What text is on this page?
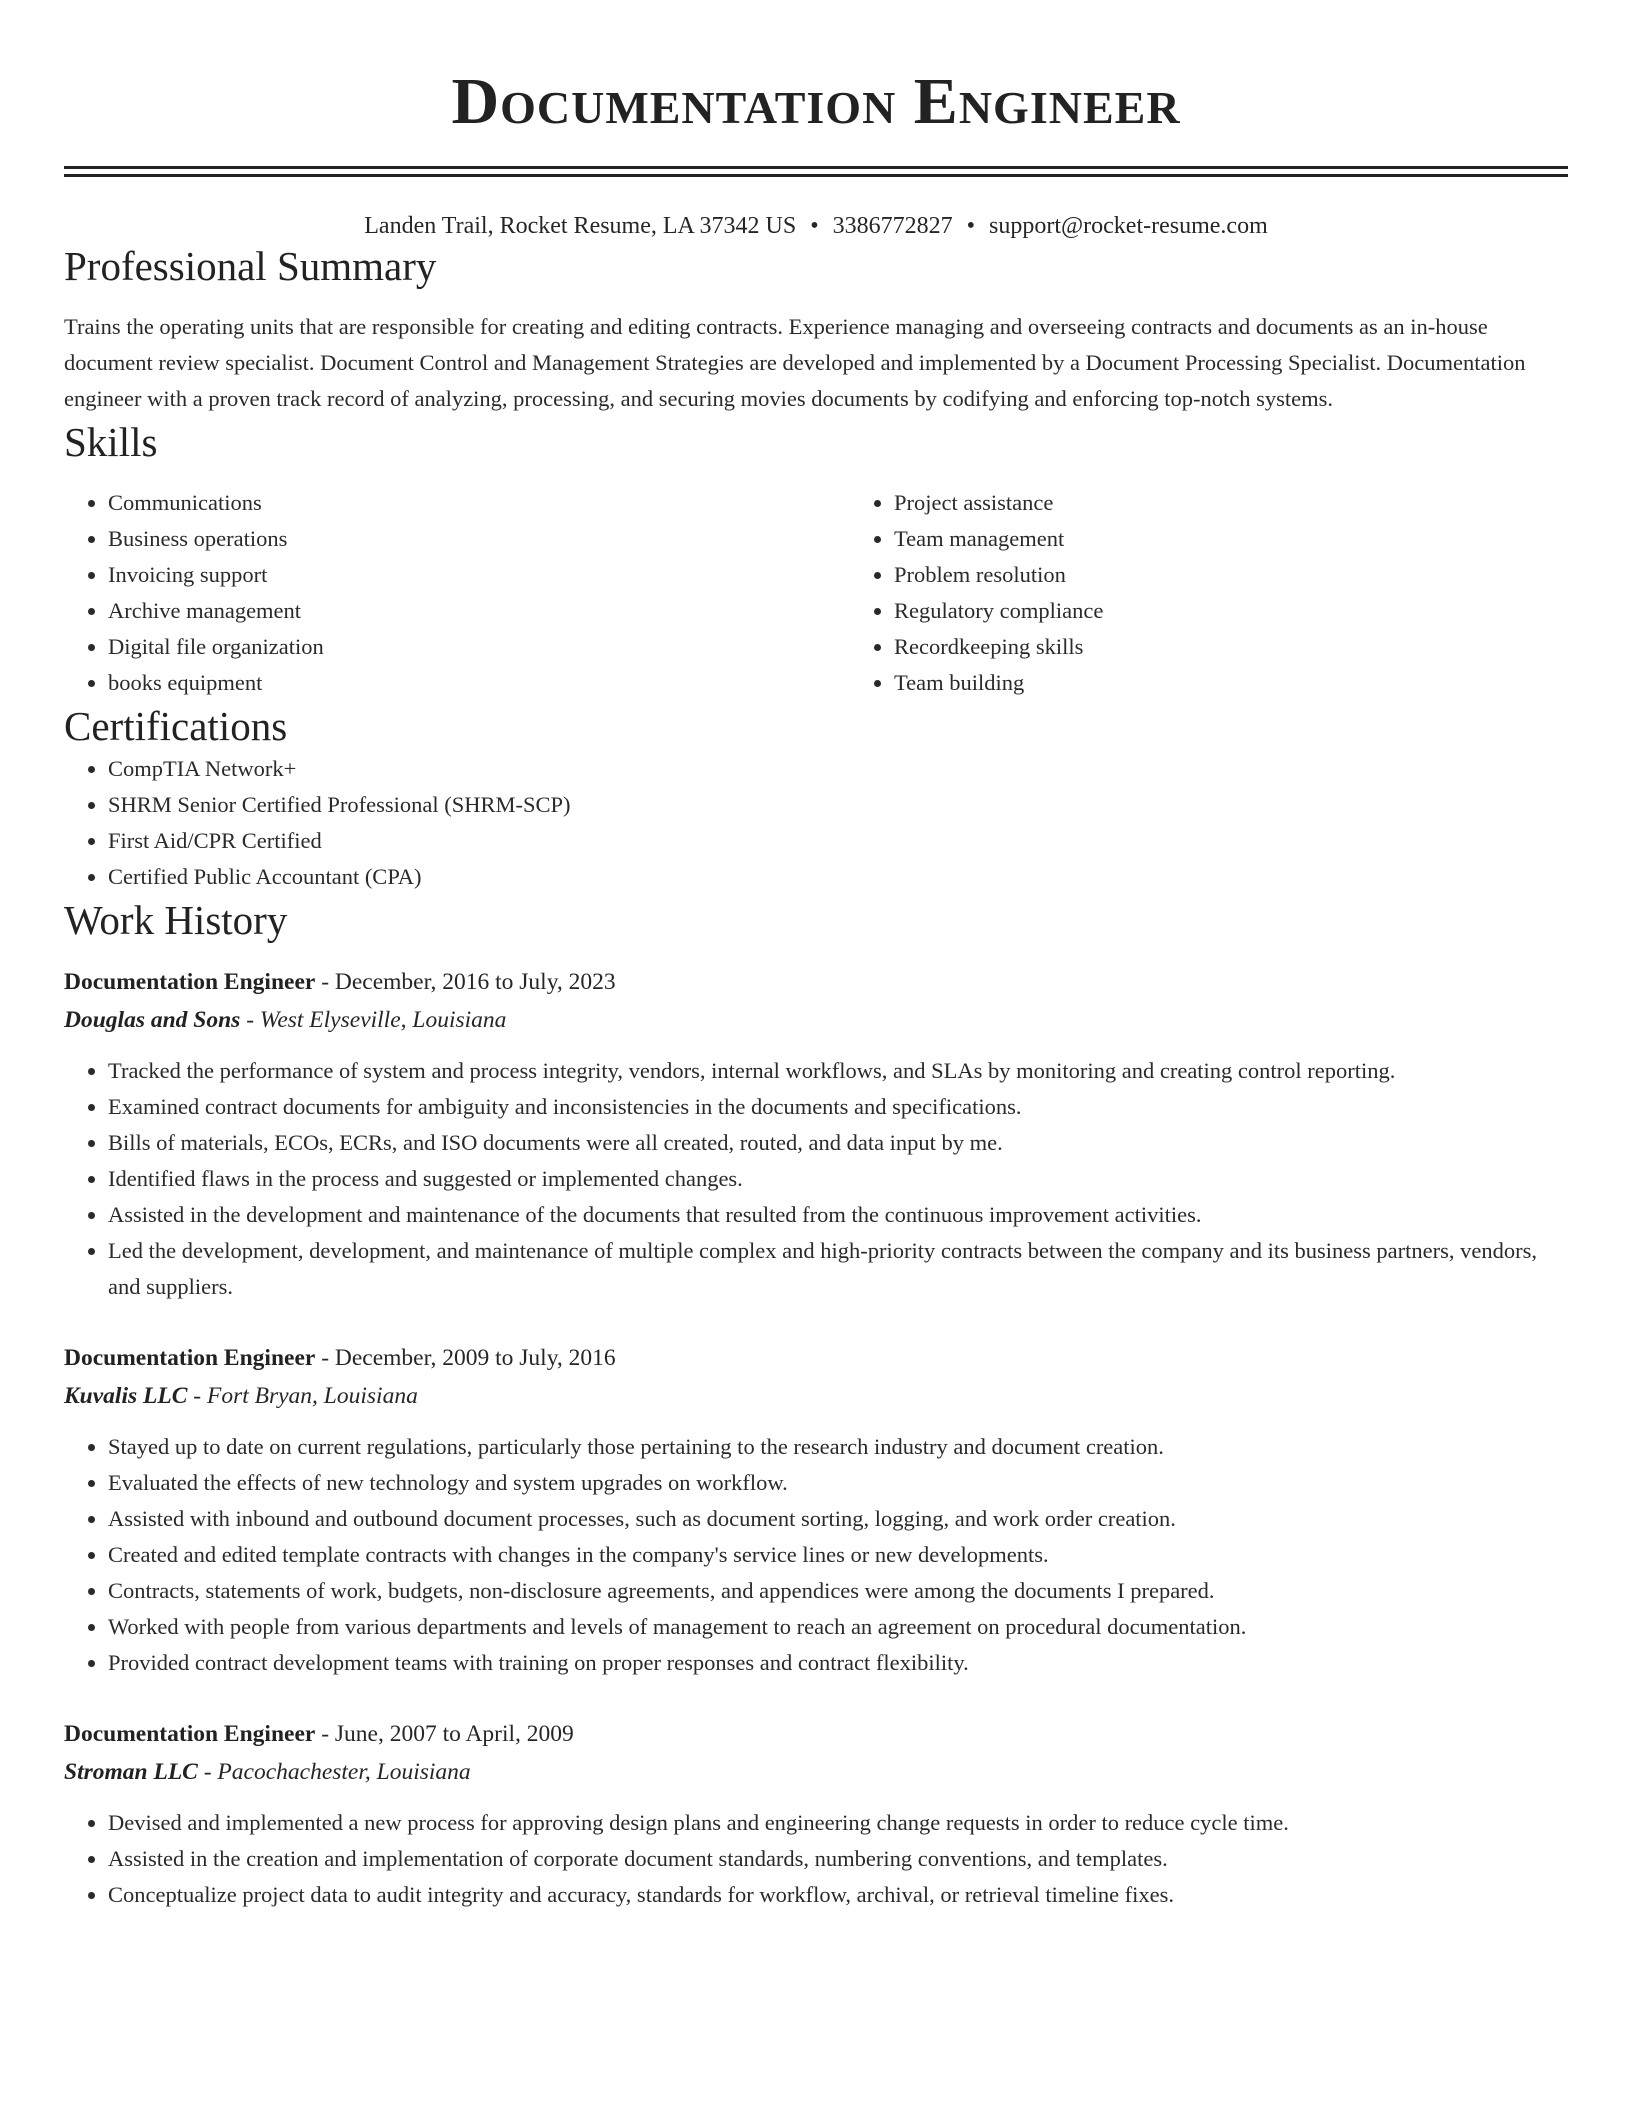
Documentation Engineer
Landen Trail, Rocket Resume, LA 37342 US • 3386772827 • support@rocket-resume.com
Professional Summary

Trains the operating units that are responsible for creating and editing contracts. Experience managing and overseeing contracts and documents as an in-house document review specialist. Document Control and Management Strategies are developed and implemented by a Document Processing Specialist. Documentation engineer with a proven track record of analyzing, processing, and securing movies documents by codifying and enforcing top-notch systems.

Skills
• Communications
• Business operations
• Invoicing support
• Archive management
• Digital file organization
• books equipment
• Project assistance
• Team management
• Problem resolution
• Regulatory compliance
• Recordkeeping skills
• Team building
Certifications
• CompTIA Network+
• SHRM Senior Certified Professional (SHRM-SCP)
• First Aid/CPR Certified
• Certified Public Accountant (CPA)
Work History
Documentation Engineer - December, 2016 to July, 2023
Douglas and Sons - West Elyseville, Louisiana
• Tracked the performance of system and process integrity, vendors, internal workflows, and SLAs by monitoring and creating control reporting.
• Examined contract documents for ambiguity and inconsistencies in the documents and specifications.
• Bills of materials, ECOs, ECRs, and ISO documents were all created, routed, and data input by me.
• Identified flaws in the process and suggested or implemented changes.
• Assisted in the development and maintenance of the documents that resulted from the continuous improvement activities.
• Led the development, development, and maintenance of multiple complex and high-priority contracts between the company and its business partners, vendors, and suppliers.
Documentation Engineer - December, 2009 to July, 2016
Kuvalis LLC - Fort Bryan, Louisiana
• Stayed up to date on current regulations, particularly those pertaining to the research industry and document creation.
• Evaluated the effects of new technology and system upgrades on workflow.
• Assisted with inbound and outbound document processes, such as document sorting, logging, and work order creation.
• Created and edited template contracts with changes in the company's service lines or new developments.
• Contracts, statements of work, budgets, non-disclosure agreements, and appendices were among the documents I prepared.
• Worked with people from various departments and levels of management to reach an agreement on procedural documentation.
• Provided contract development teams with training on proper responses and contract flexibility.
Documentation Engineer - June, 2007 to April, 2009
Stroman LLC - Pacochachester, Louisiana
• Devised and implemented a new process for approving design plans and engineering change requests in order to reduce cycle time.
• Assisted in the creation and implementation of corporate document standards, numbering conventions, and templates.
• Conceptualize project data to audit integrity and accuracy, standards for workflow, archival, or retrieval timeline fixes.
